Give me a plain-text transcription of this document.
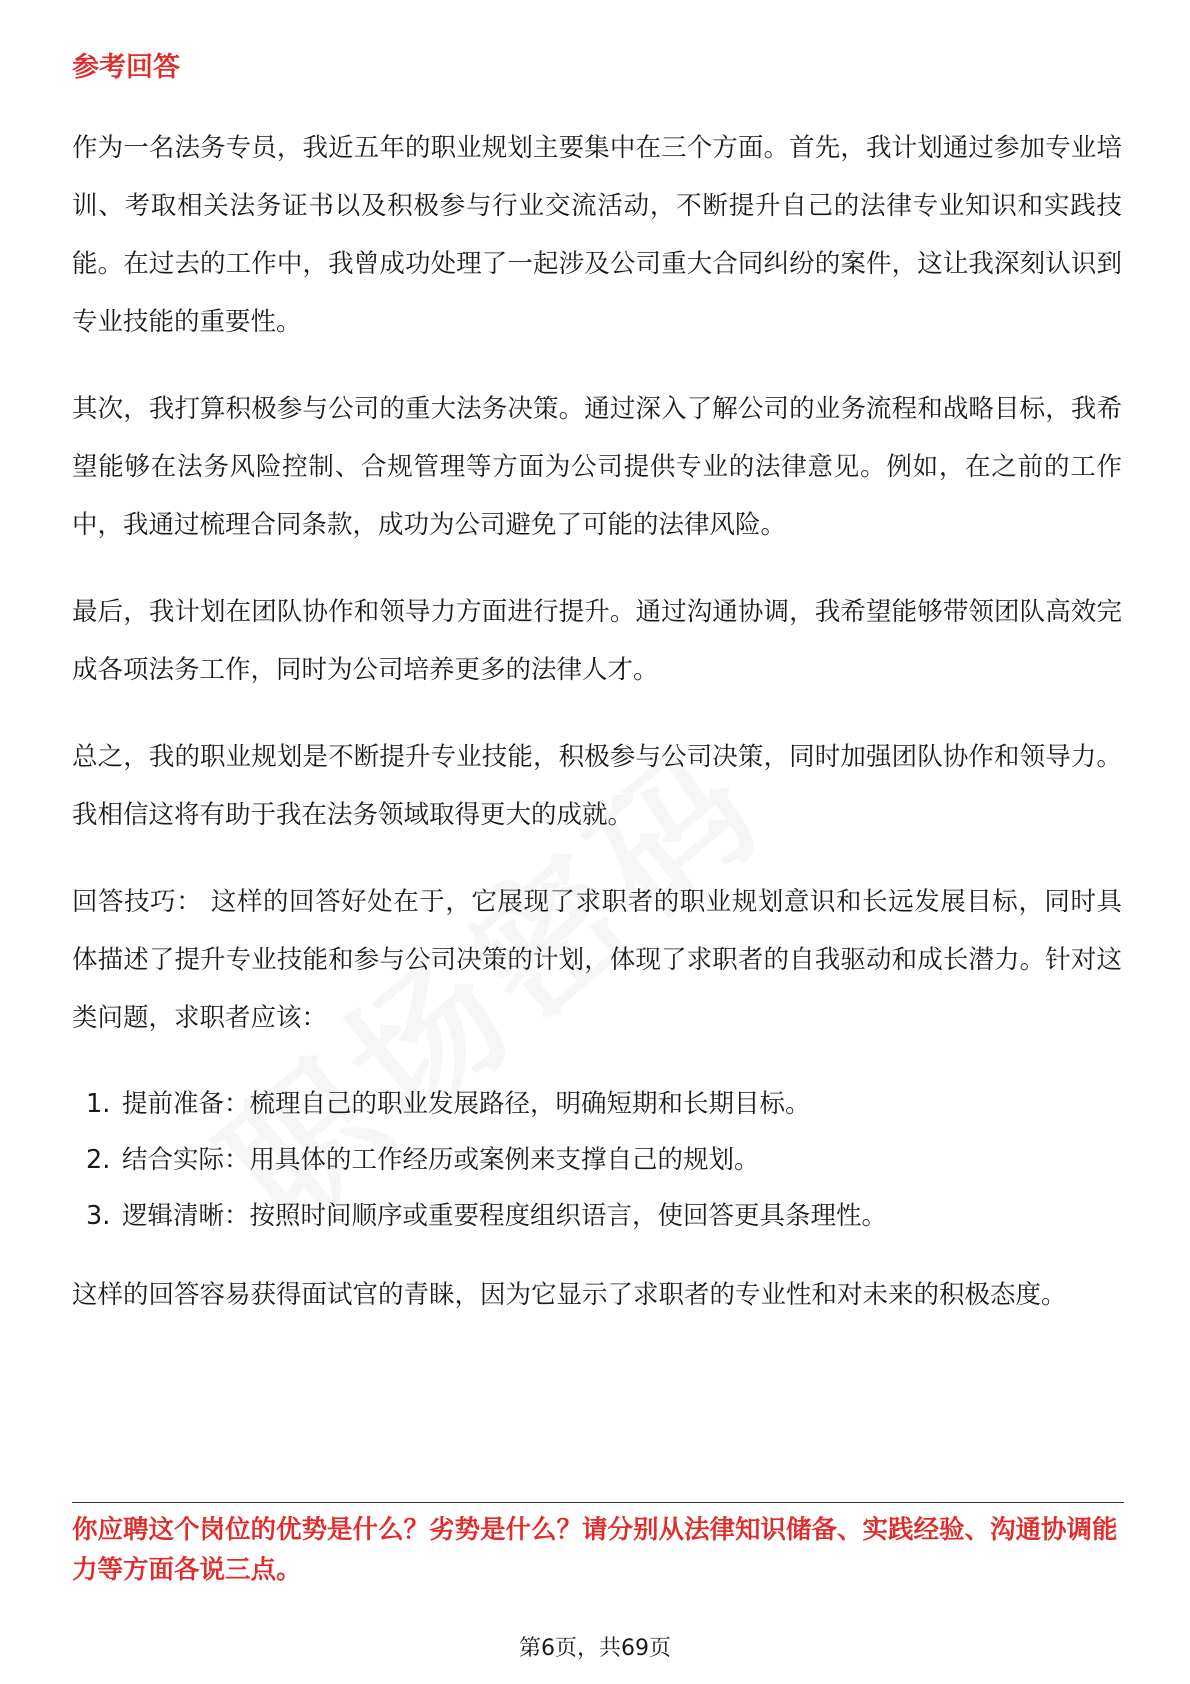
参考回答

作为一名法务专员，我近五年的职业规划主要集中在三个方面。首先，我计划通过参加专业培训、考取相关法务证书以及积极参与行业交流活动，不断提升自己的法律专业知识和实践技能。在过去的工作中，我曾成功处理了一起涉及公司重大合同纠纷的案件，这让我深刻认识到专业技能的重要性。

其次，我打算积极参与公司的重大法务决策。通过深入了解公司的业务流程和战略目标，我希望能够在法务风险控制、合规管理等方面为公司提供专业的法律意见。例如，在之前的工作中，我通过梳理合同条款，成功为公司避免了可能的法律风险。

最后，我计划在团队协作和领导力方面进行提升。通过沟通协调，我希望能够带领团队高效完成各项法务工作，同时为公司培养更多的法律人才。

总之，我的职业规划是不断提升专业技能，积极参与公司决策，同时加强团队协作和领导力。我相信这将有助于我在法务领域取得更大的成就。

回答技巧： 这样的回答好处在于，它展现了求职者的职业规划意识和长远发展目标，同时具体描述了提升专业技能和参与公司决策的计划，体现了求职者的自我驱动和成长潜力。针对这类问题，求职者应该：

1. 提前准备：梳理自己的职业发展路径，明确短期和长期目标。
2. 结合实际：用具体的工作经历或案例来支撑自己的规划。
3. 逻辑清晰：按照时间顺序或重要程度组织语言，使回答更具条理性。

这样的回答容易获得面试官的青睐，因为它显示了求职者的专业性和对未来的积极态度。

你应聘这个岗位的优势是什么？劣势是什么？请分别从法律知识储备、实践经验、沟通协调能力等方面各说三点。
第6页，共69页
